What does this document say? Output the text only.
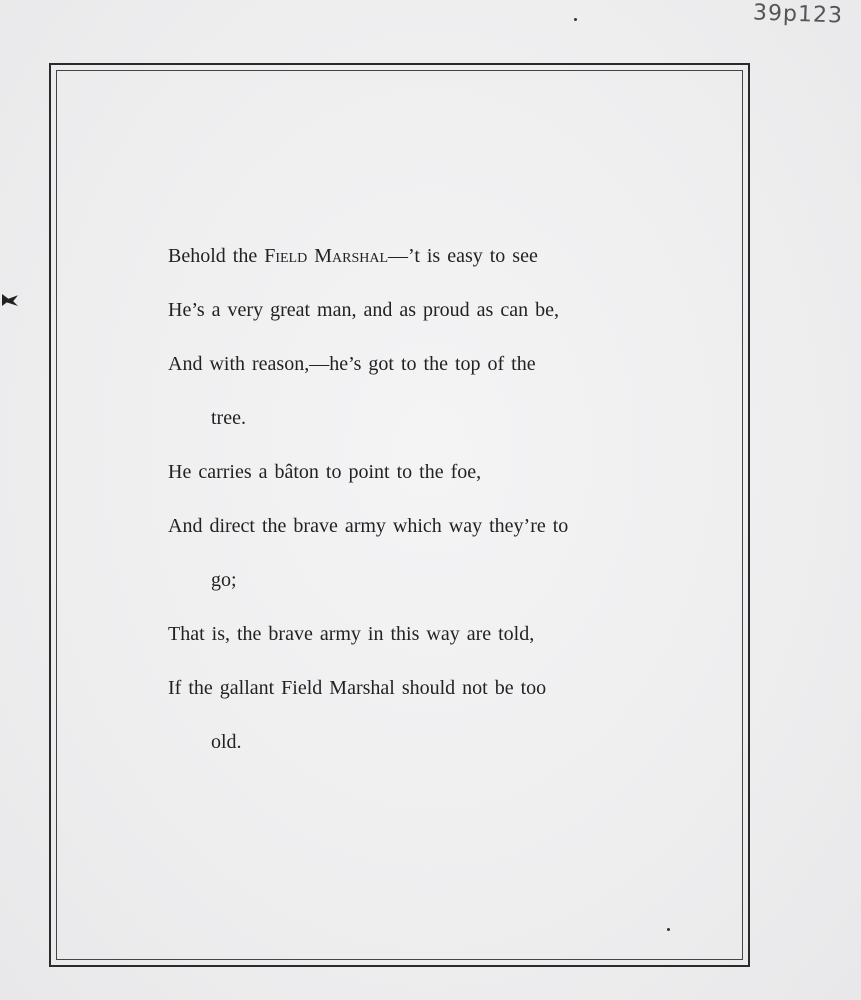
39p123
Behold the Field Marshal—’t is easy to see
He’s a very great man, and as proud as can be,
And with reason,—he’s got to the top of the
tree.
He carries a bâton to point to the foe,
And direct the brave army which way they’re to
go;
That is, the brave army in this way are told,
If the gallant Field Marshal should not be too
old.
